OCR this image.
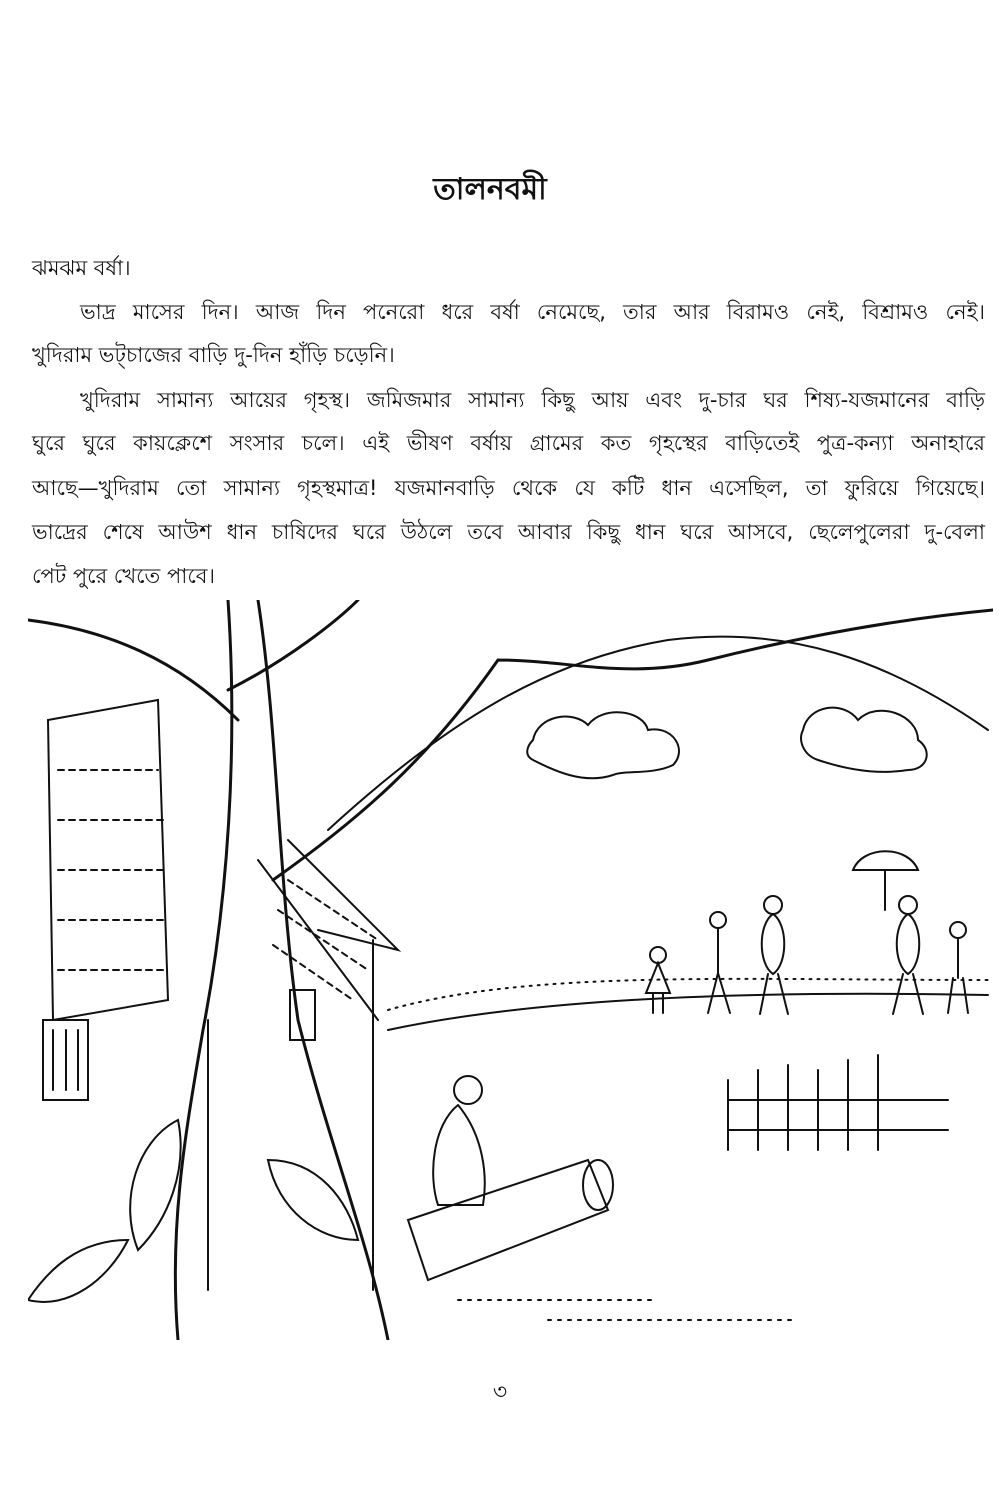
তালনবমী
ঝমঝম বর্ষা।
ভাদ্র মাসের দিন। আজ দিন পনেরো ধরে বর্ষা নেমেছে, তার আর বিরামও নেই, বিশ্রামও নেই।
খুদিরাম ভট্‌চাজের বাড়ি দু-দিন হাঁড়ি চড়েনি।
খুদিরাম সামান্য আয়ের গৃহস্থ। জমিজমার সামান্য কিছু আয় এবং দু-চার ঘর শিষ্য-যজমানের বাড়ি
ঘুরে ঘুরে কায়ক্লেশে সংসার চলে। এই ভীষণ বর্ষায় গ্রামের কত গৃহস্থের বাড়িতেই পুত্র-কন্যা অনাহারে
আছে—খুদিরাম তো সামান্য গৃহস্থমাত্র! যজমানবাড়ি থেকে যে কটি ধান এসেছিল, তা ফুরিয়ে গিয়েছে।
ভাদ্রের শেষে আউশ ধান চাষিদের ঘরে উঠলে তবে আবার কিছু ধান ঘরে আসবে, ছেলেপুলেরা দু-বেলা
পেট পুরে খেতে পাবে।
৩
